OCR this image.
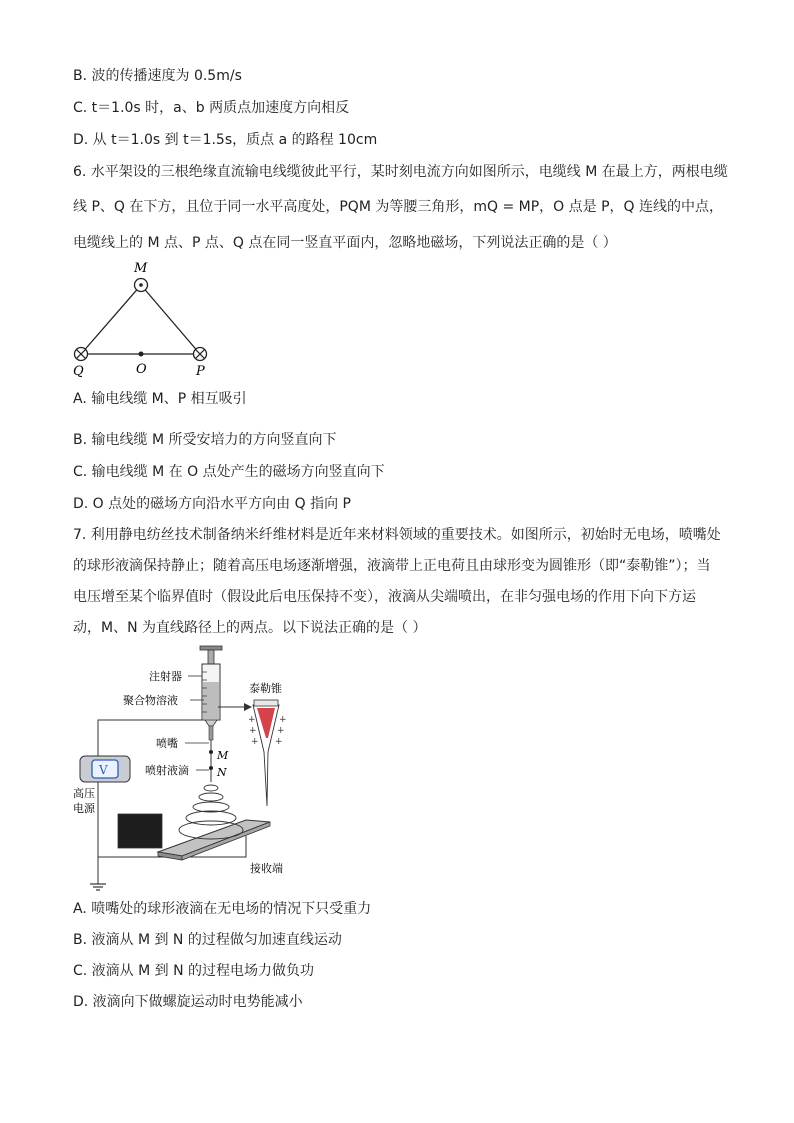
B. 波的传播速度为 0.5m/s
C. t＝1.0s 时，a、b 两质点加速度方向相反
D. 从 t＝1.0s 到 t＝1.5s，质点 a 的路程 10cm
6. 水平架设的三根绝缘直流输电线缆彼此平行，某时刻电流方向如图所示，电缆线 M 在最上方，两根电缆
线 P、Q 在下方，且位于同一水平高度处，PQM 为等腰三角形，mQ = MP，O 点是 P，Q 连线的中点，
电缆线上的 M 点、P 点、Q 点在同一竖直平面内，忽略地磁场，下列说法正确的是（ ）
M
O
Q	P
A. 输电线缆 M、P 相互吸引
B. 输电线缆 M 所受安培力的方向竖直向下
C. 输电线缆 M 在 O 点处产生的磁场方向竖直向下
D. O 点处的磁场方向沿水平方向由 Q 指向 P
7. 利用静电纺丝技术制备纳米纤维材料是近年来材料领域的重要技术。如图所示，初始时无电场，喷嘴处
的球形液滴保持静止；随着高压电场逐渐增强，液滴带上正电荷且由球形变为圆锥形（即“泰勒锥”）；当
电压增至某个临界值时（假设此后电压保持不变），液滴从尖端喷出，在非匀强电场的作用下向下方运
动，M、N 为直线路径上的两点。以下说法正确的是（ ）
V
M
N
+
+
+
+
+
+
注射器
聚合物溶液
喷嘴
喷射液滴
泰勒锥
高压
电源
接收端
A. 喷嘴处的球形液滴在无电场的情况下只受重力
B. 液滴从 M 到 N 的过程做匀加速直线运动
C. 液滴从 M 到 N 的过程电场力做负功
D. 液滴向下做螺旋运动时电势能减小
